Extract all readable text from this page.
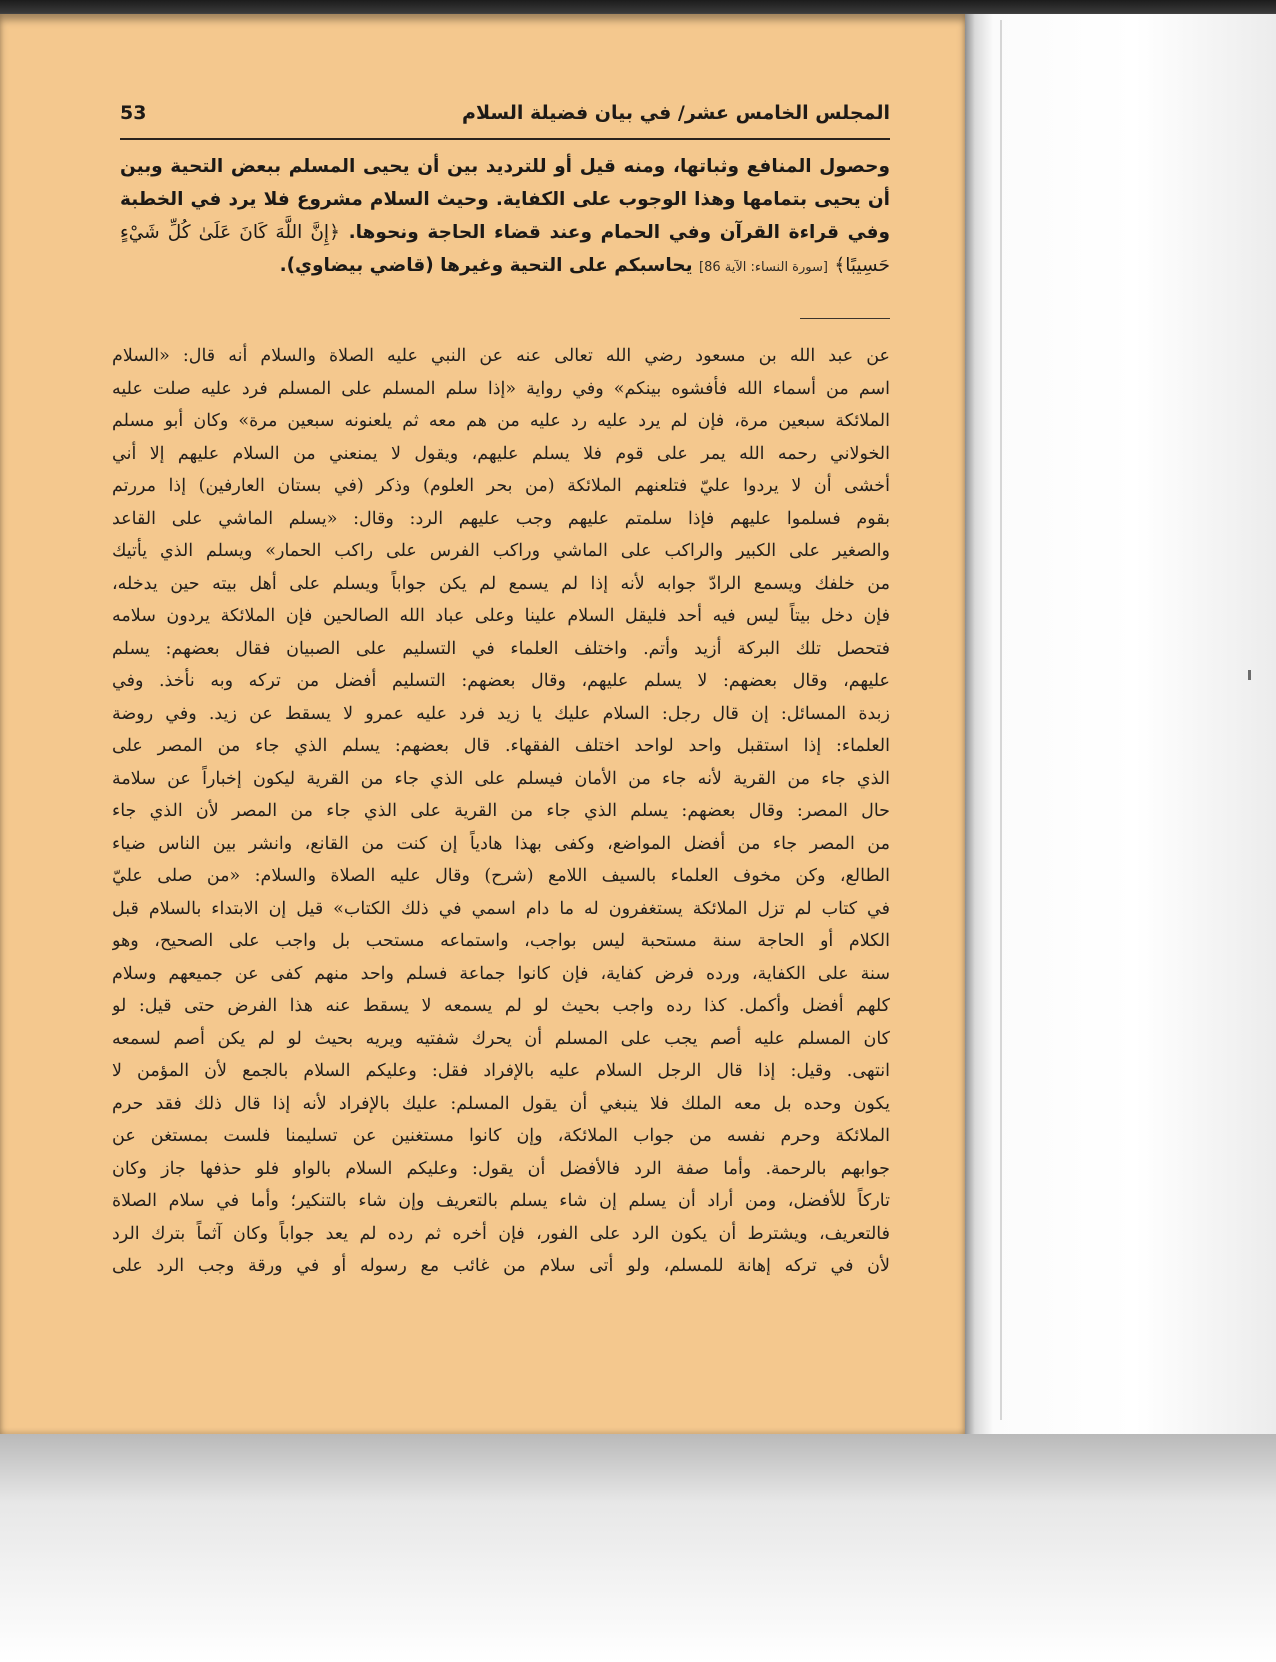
المجلس الخامس عشر/ في بيان فضيلة السلام
53
وحصول المنافع وثباتها، ومنه قيل أو للترديد بين أن يحيى المسلم ببعض التحية وبين أن يحيى بتمامها وهذا الوجوب على الكفاية. وحيث السلام مشروع فلا يرد في الخطبة وفي قراءة القرآن وفي الحمام وعند قضاء الحاجة ونحوها. ﴿إِنَّ اللَّهَ كَانَ عَلَىٰ كُلِّ شَيْءٍ حَسِيبًا﴾ [سورة النساء: الآية 86] يحاسبكم على التحية وغيرها (قاضي بيضاوي).
عن عبد الله بن مسعود رضي الله تعالى عنه عن النبي عليه الصلاة والسلام أنه قال: «السلام
اسم من أسماء الله فأفشوه بينكم» وفي رواية «إذا سلم المسلم على المسلم فرد عليه صلت عليه
الملائكة سبعين مرة، فإن لم يرد عليه رد عليه من هم معه ثم يلعنونه سبعين مرة» وكان أبو مسلم
الخولاني رحمه الله يمر على قوم فلا يسلم عليهم، ويقول لا يمنعني من السلام عليهم إلا أني
أخشى أن لا يردوا عليّ فتلعنهم الملائكة (من بحر العلوم) وذكر (في بستان العارفين) إذا مررتم
بقوم فسلموا عليهم فإذا سلمتم عليهم وجب عليهم الرد: وقال: «يسلم الماشي على القاعد
والصغير على الكبير والراكب على الماشي وراكب الفرس على راكب الحمار» ويسلم الذي يأتيك
من خلفك ويسمع الرادّ جوابه لأنه إذا لم يسمع لم يكن جواباً ويسلم على أهل بيته حين يدخله،
فإن دخل بيتاً ليس فيه أحد فليقل السلام علينا وعلى عباد الله الصالحين فإن الملائكة يردون سلامه
فتحصل تلك البركة أزيد وأتم. واختلف العلماء في التسليم على الصبيان فقال بعضهم: يسلم
عليهم، وقال بعضهم: لا يسلم عليهم، وقال بعضهم: التسليم أفضل من تركه وبه نأخذ. وفي
زبدة المسائل: إن قال رجل: السلام عليك يا زيد فرد عليه عمرو لا يسقط عن زيد. وفي روضة
العلماء: إذا استقبل واحد لواحد اختلف الفقهاء. قال بعضهم: يسلم الذي جاء من المصر على
الذي جاء من القرية لأنه جاء من الأمان فيسلم على الذي جاء من القرية ليكون إخباراً عن سلامة
حال المصر: وقال بعضهم: يسلم الذي جاء من القرية على الذي جاء من المصر لأن الذي جاء
من المصر جاء من أفضل المواضع، وكفى بهذا هادياً إن كنت من القانع، وانشر بين الناس ضياء
الطالع، وكن مخوف العلماء بالسيف اللامع (شرح) وقال عليه الصلاة والسلام: «من صلى عليّ
في كتاب لم تزل الملائكة يستغفرون له ما دام اسمي في ذلك الكتاب» قيل إن الابتداء بالسلام قبل
الكلام أو الحاجة سنة مستحبة ليس بواجب، واستماعه مستحب بل واجب على الصحيح، وهو
سنة على الكفاية، ورده فرض كفاية، فإن كانوا جماعة فسلم واحد منهم كفى عن جميعهم وسلام
كلهم أفضل وأكمل. كذا رده واجب بحيث لو لم يسمعه لا يسقط عنه هذا الفرض حتى قيل: لو
كان المسلم عليه أصم يجب على المسلم أن يحرك شفتيه ويريه بحيث لو لم يكن أصم لسمعه
انتهى. وقيل: إذا قال الرجل السلام عليه بالإفراد فقل: وعليكم السلام بالجمع لأن المؤمن لا
يكون وحده بل معه الملك فلا ينبغي أن يقول المسلم: عليك بالإفراد لأنه إذا قال ذلك فقد حرم
الملائكة وحرم نفسه من جواب الملائكة، وإن كانوا مستغنين عن تسليمنا فلست بمستغن عن
جوابهم بالرحمة. وأما صفة الرد فالأفضل أن يقول: وعليكم السلام بالواو فلو حذفها جاز وكان
تاركاً للأفضل، ومن أراد أن يسلم إن شاء يسلم بالتعريف وإن شاء بالتنكير؛ وأما في سلام الصلاة
فالتعريف، ويشترط أن يكون الرد على الفور، فإن أخره ثم رده لم يعد جواباً وكان آثماً بترك الرد
لأن في تركه إهانة للمسلم، ولو أتى سلام من غائب مع رسوله أو في ورقة وجب الرد على
